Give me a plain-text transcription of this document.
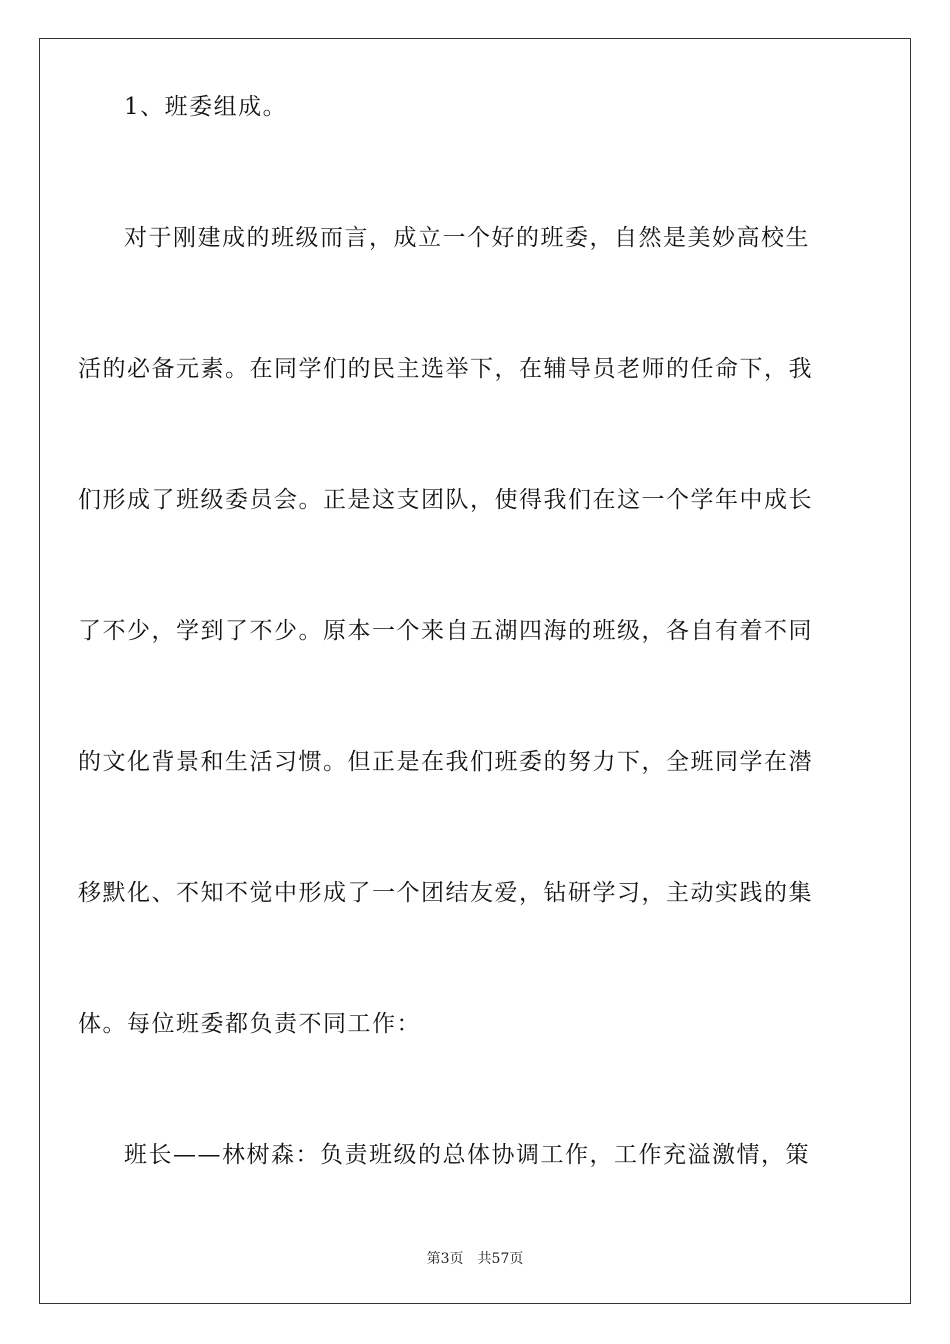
1、班委组成。
对于刚建成的班级而言，成立一个好的班委，自然是美妙高校生
活的必备元素。在同学们的民主选举下，在辅导员老师的任命下，我
们形成了班级委员会。正是这支团队，使得我们在这一个学年中成长
了不少，学到了不少。原本一个来自五湖四海的班级，各自有着不同
的文化背景和生活习惯。但正是在我们班委的努力下，全班同学在潜
移默化、不知不觉中形成了一个团结友爱，钻研学习，主动实践的集
体。每位班委都负责不同工作：
班长——林树森：负责班级的总体协调工作，工作充溢激情，策
第3页 共57页
